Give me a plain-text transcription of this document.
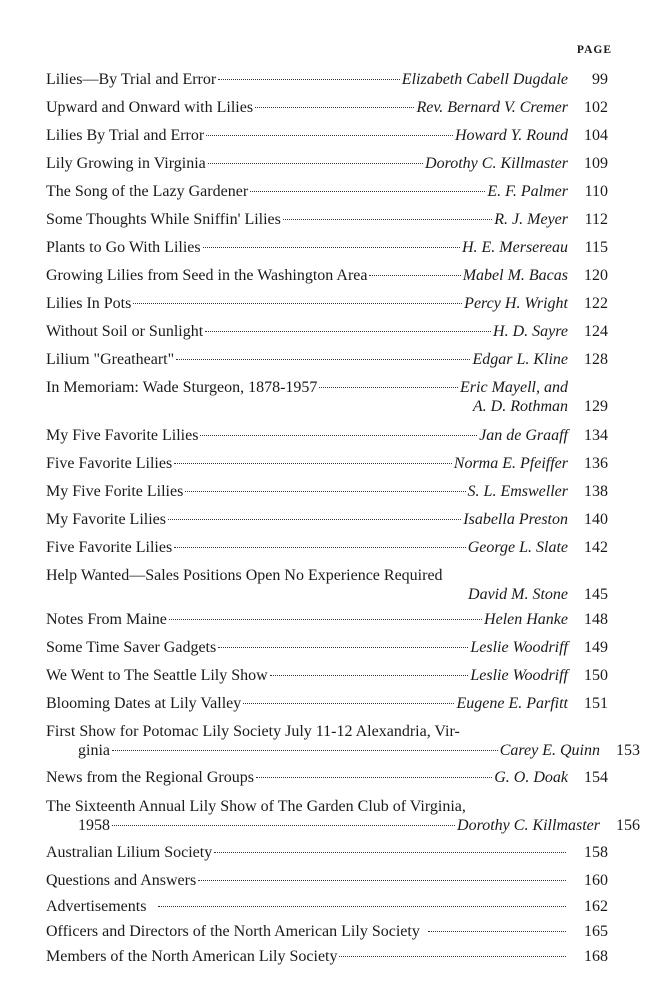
PAGE
Lilies—By Trial and Error	Elizabeth Cabell Dugdale	99
Upward and Onward with Lilies	Rev. Bernard V. Cremer	102
Lilies By Trial and Error	Howard Y. Round	104
Lily Growing in Virginia	Dorothy C. Killmaster	109
The Song of the Lazy Gardener	E. F. Palmer	110
Some Thoughts While Sniffin' Lilies	R. J. Meyer	112
Plants to Go With Lilies	H. E. Mersereau	115
Growing Lilies from Seed in the Washington Area	Mabel M. Bacas	120
Lilies In Pots	Percy H. Wright	122
Without Soil or Sunlight	H. D. Sayre	124
Lilium "Greatheart"	Edgar L. Kline	128
In Memoriam: Wade Sturgeon, 1878-1957	Eric Mayell, and
A. D. Rothman	129
My Five Favorite Lilies	Jan de Graaff	134
Five Favorite Lilies	Norma E. Pfeiffer	136
My Five Forite Lilies	S. L. Emsweller	138
My Favorite Lilies	Isabella Preston	140
Five Favorite Lilies	George L. Slate	142
Help Wanted—Sales Positions Open No Experience Required
David M. Stone	145
Notes From Maine	Helen Hanke	148
Some Time Saver Gadgets	Leslie Woodriff	149
We Went to The Seattle Lily Show	Leslie Woodriff	150
Blooming Dates at Lily Valley	Eugene E. Parfitt	151
First Show for Potomac Lily Society July 11-12 Alexandria, Vir-
ginia	Carey E. Quinn	153
News from the Regional Groups	G. O. Doak	154
The Sixteenth Annual Lily Show of The Garden Club of Virginia,
1958	Dorothy C. Killmaster	156
Australian Lilium Society	158
Questions and Answers	160
Advertisements	162
Officers and Directors of the North American Lily Society	165
Members of the North American Lily Society	168
